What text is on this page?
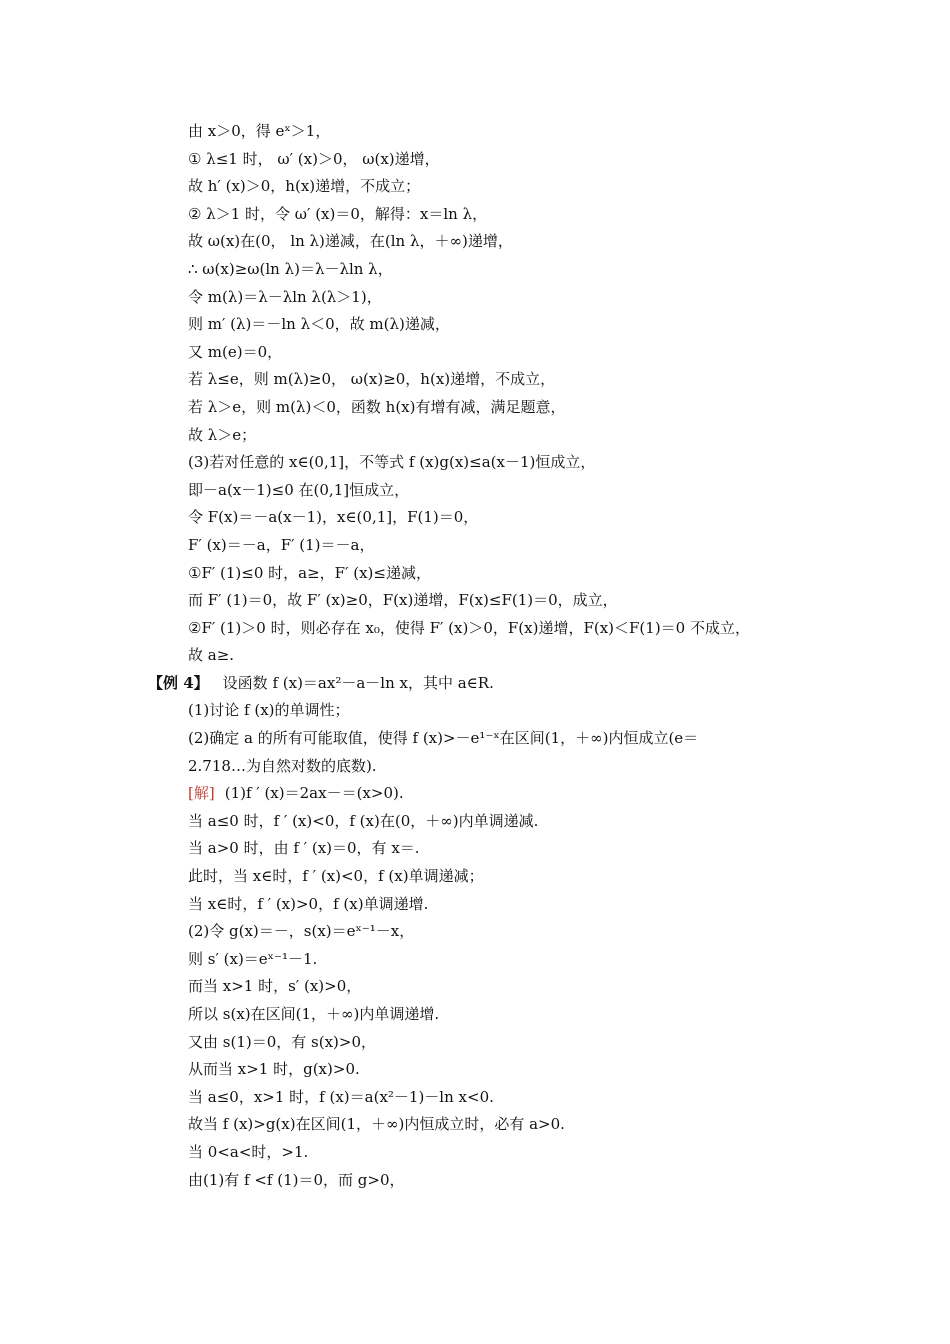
由 x＞0，得 eˣ＞1，
① λ≤1 时， ω′ (x)＞0， ω(x)递增，
故 h′ (x)＞0，h(x)递增，不成立；
② λ＞1 时，令 ω′ (x)＝0，解得：x＝ln λ，
故 ω(x)在(0， ln λ)递减，在(ln λ，＋∞)递增，
∴ ω(x)≥ω(ln λ)＝λ－λln λ，
令 m(λ)＝λ－λln λ(λ＞1)，
则 m′ (λ)＝－ln λ＜0，故 m(λ)递减，
又 m(e)＝0，
若 λ≤e，则 m(λ)≥0， ω(x)≥0，h(x)递增，不成立，
若 λ＞e，则 m(λ)＜0，函数 h(x)有增有减，满足题意，
故 λ＞e；
(3)若对任意的 x∈(0,1]，不等式 f (x)g(x)≤a(x－1)恒成立，
即－a(x－1)≤0 在(0,1]恒成立，
令 F(x)＝－a(x－1)，x∈(0,1]，F(1)＝0，
F′ (x)＝－a，F′ (1)＝－a，
①F′ (1)≤0 时，a≥，F′ (x)≤递减，
而 F′ (1)＝0，故 F′ (x)≥0，F(x)递增，F(x)≤F(1)＝0，成立，
②F′ (1)＞0 时，则必存在 x₀，使得 F′ (x)＞0，F(x)递增，F(x)＜F(1)＝0 不成立，
故 a≥.
【例 4】 设函数 f (x)＝ax²－a－ln x，其中 a∈R.
(1)讨论 f (x)的单调性；
(2)确定 a 的所有可能取值，使得 f (x)>－e¹⁻ˣ在区间(1，＋∞)内恒成立(e＝
2.718…为自然对数的底数).
[解] (1)f ′ (x)＝2ax－＝(x>0).
当 a≤0 时，f ′ (x)<0，f (x)在(0，＋∞)内单调递减.
当 a>0 时，由 f ′ (x)＝0，有 x＝.
此时，当 x∈时，f ′ (x)<0，f (x)单调递减；
当 x∈时，f ′ (x)>0，f (x)单调递增.
(2)令 g(x)＝－，s(x)＝eˣ⁻¹－x，
则 s′ (x)＝eˣ⁻¹－1.
而当 x>1 时，s′ (x)>0，
所以 s(x)在区间(1，＋∞)内单调递增.
又由 s(1)＝0，有 s(x)>0，
从而当 x>1 时，g(x)>0.
当 a≤0，x>1 时，f (x)＝a(x²－1)－ln x<0.
故当 f (x)>g(x)在区间(1，＋∞)内恒成立时，必有 a>0.
当 0<a<时，>1.
由(1)有 f <f (1)＝0，而 g>0，
